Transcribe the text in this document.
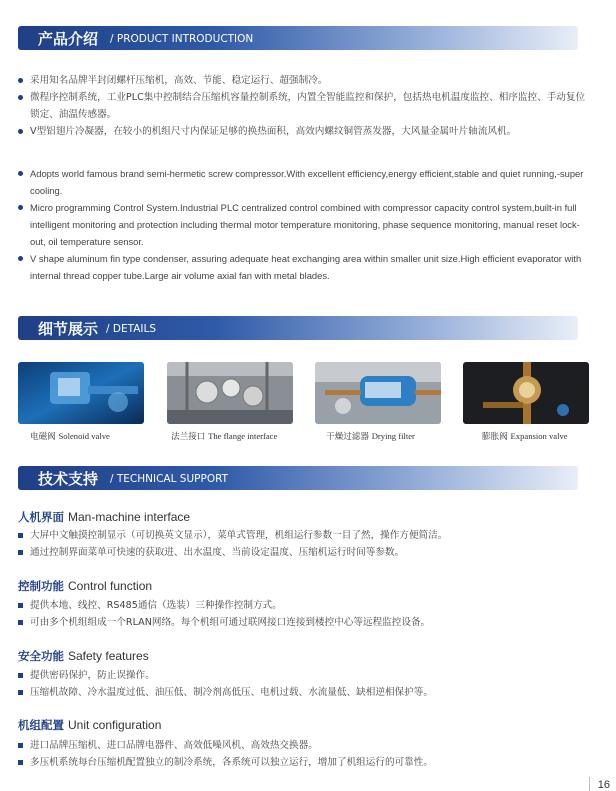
产品介绍 / PRODUCT INTRODUCTION
采用知名品牌半封闭螺杆压缩机，高效、节能、稳定运行、超强制冷。
微程序控制系统，工业PLC集中控制结合压缩机容量控制系统，内置全智能监控和保护，包括热电机温度监控、相序监控、手动复位锁定、油温传感器。
V型铝翅片冷凝器，在较小的机组尺寸内保证足够的换热面积，高效内螺纹铜管蒸发器，大风量金属叶片轴流风机。
Adopts world famous brand semi-hermetic screw compressor.With excellent efficiency,energy efficient,stable and quiet running,-super cooling.
Micro programming Control System.Industrial PLC centralized control combined with compressor capacity control system,built-in full intelligent monitoring and protection including thermal motor temperature monitoring, phase sequence monitoring, manual reset lock-out, oil temperature sensor.
V shape aluminum fin type condenser, assuring adequate heat exchanging area within smaller unit size.High efficient evaporator with internal thread copper tube.Large air volume axial fan with metal blades.
细节展示 / DETAILS
电磁阀 Solenoid valve	法兰接口 The flange interface	干燥过滤器 Drying filter	膨胀阀 Expansion valve
技术支持 / TECHNICAL SUPPORT
人机界面 Man-machine interface
大屏中文触摸控制显示（可切换英文显示），菜单式管理，机组运行参数一目了然，操作方便简洁。
通过控制界面菜单可快速的获取进、出水温度、当前设定温度、压缩机运行时间等参数。
控制功能 Control function
提供本地、线控、RS485通信（选装）三种操作控制方式。
可由多个机组组成一个RLAN网络。每个机组可通过联网接口连接到楼控中心等远程监控设备。
安全功能 Safety features
提供密码保护，防止误操作。
压缩机故障、冷水温度过低、油压低、制冷剂高低压、电机过载、水流量低、缺相逆相保护等。
机组配置 Unit configuration
进口品牌压缩机、进口品牌电器件、高效低噪风机、高效热交换器。
多压机系统每台压缩机配置独立的制冷系统，各系统可以独立运行，增加了机组运行的可靠性。
16
